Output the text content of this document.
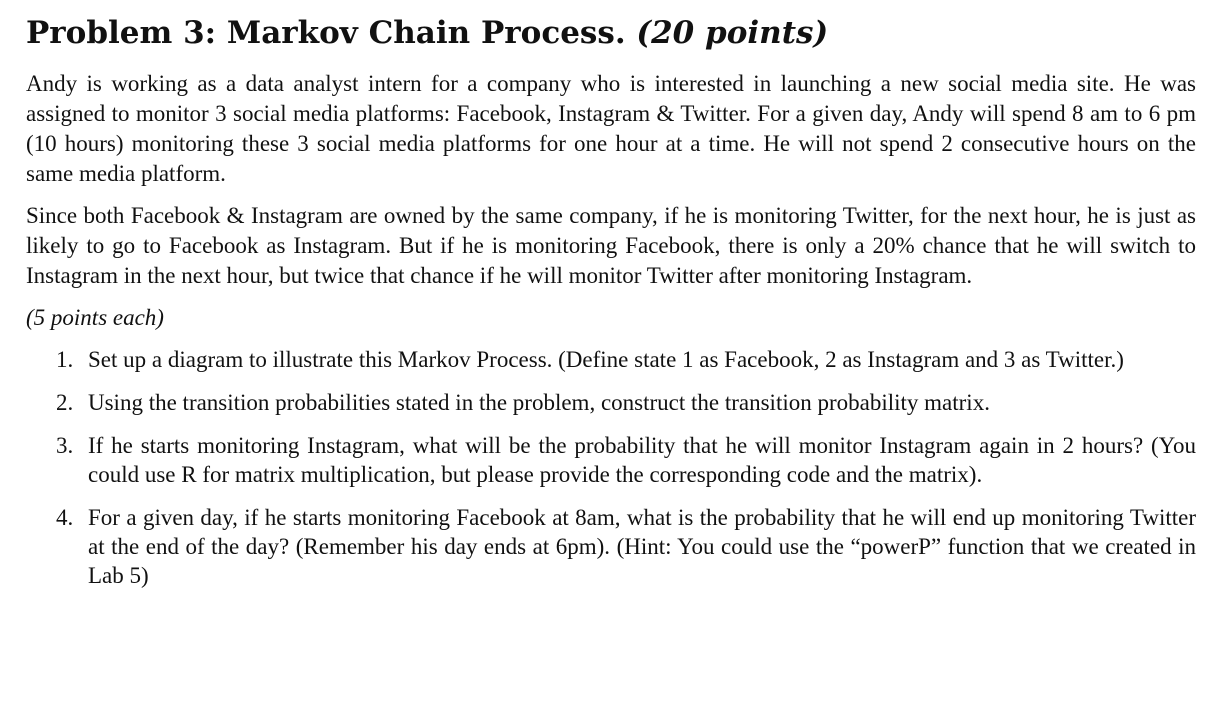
Problem 3: Markov Chain Process. (20 points)

Andy is working as a data analyst intern for a company who is interested in launching a new social media site. He was assigned to monitor 3 social media platforms: Facebook, Instagram & Twitter. For a given day, Andy will spend 8 am to 6 pm (10 hours) monitoring these 3 social media platforms for one hour at a time. He will not spend 2 consecutive hours on the same media platform.

Since both Facebook & Instagram are owned by the same company, if he is monitoring Twitter, for the next hour, he is just as likely to go to Facebook as Instagram. But if he is monitoring Facebook, there is only a 20% chance that he will switch to Instagram in the next hour, but twice that chance if he will monitor Twitter after monitoring Instagram.

(5 points each)
1. Set up a diagram to illustrate this Markov Process. (Define state 1 as Facebook, 2 as Instagram and 3 as Twitter.)
2. Using the transition probabilities stated in the problem, construct the transition probability matrix.
3. If he starts monitoring Instagram, what will be the probability that he will monitor Instagram again in 2 hours? (You could use R for matrix multiplication, but please provide the corresponding code and the matrix).
4. For a given day, if he starts monitoring Facebook at 8am, what is the probability that he will end up monitoring Twitter at the end of the day? (Remember his day ends at 6pm). (Hint: You could use the “powerP” function that we created in Lab 5)
